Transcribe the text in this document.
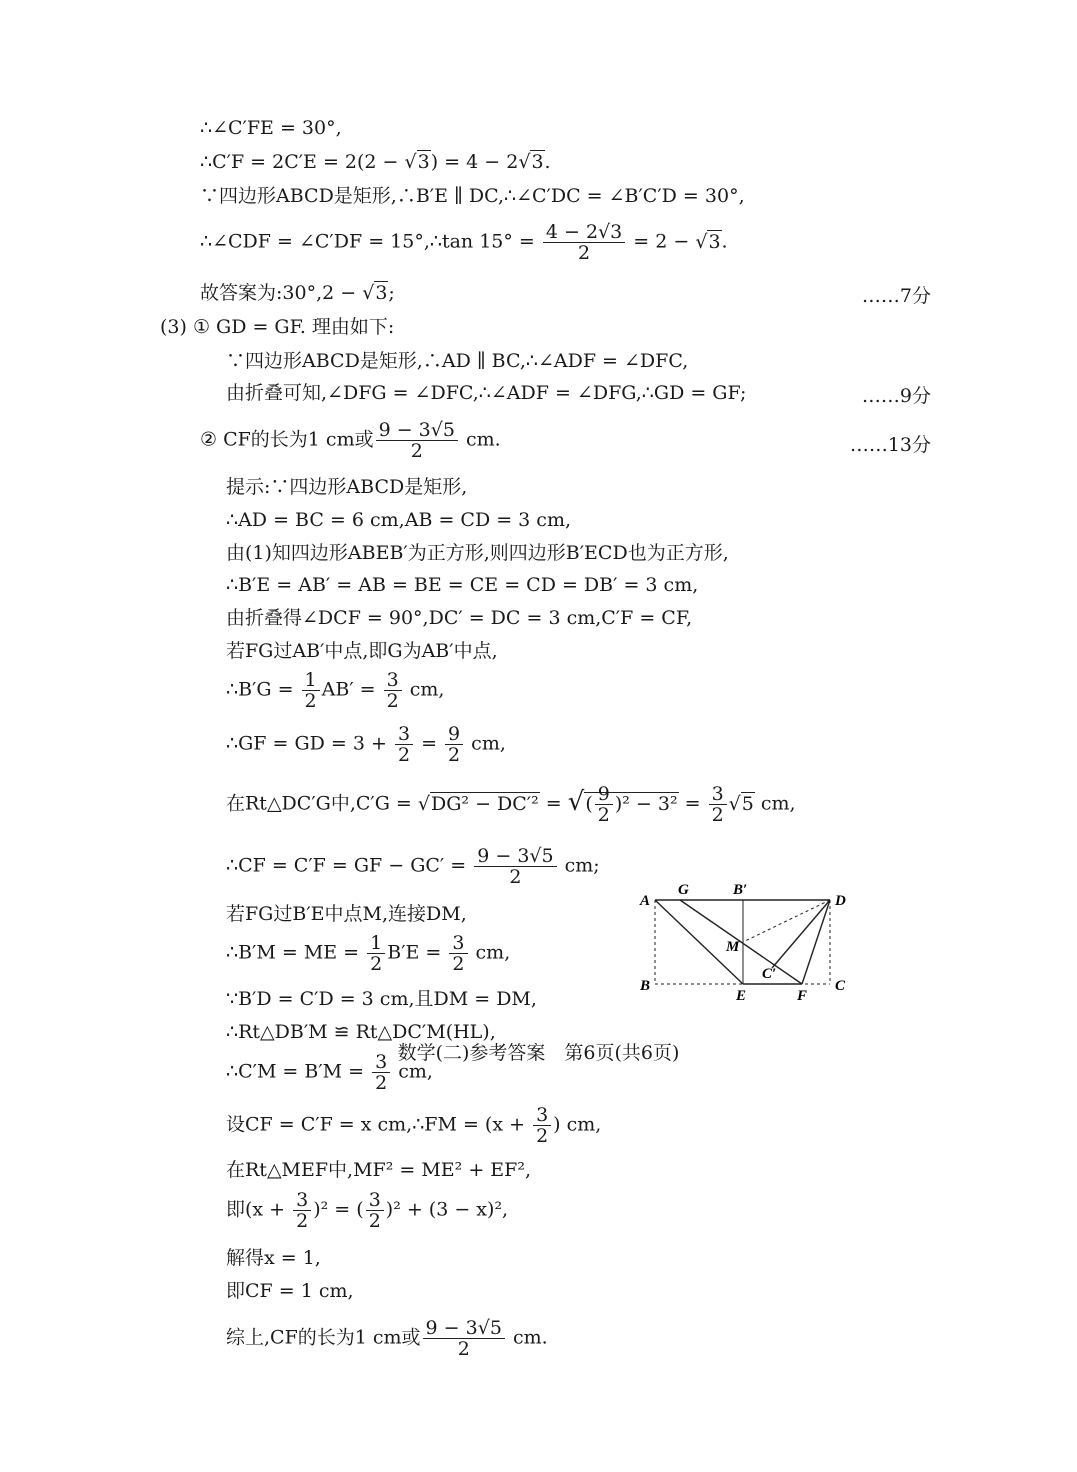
∴∠C′FE = 30°,
∴C′F = 2C′E = 2(2 − √ 3) = 4 − 2 √ 3.
∵四边形ABCD是矩形,∴B′E ∥ DC,∴∠C′DC = ∠B′C′D = 30°,
∴∠CDF = ∠C′DF = 15°,∴tan $15^\circ = \frac{4 - 2√3}{2} = 2$ − √ 3.
故答案为:30°,2 − √ 3;	……7分
(3) ① GD = GF. 理由如下:
∵四边形ABCD是矩形,∴AD ∥ BC,∴∠ADF = ∠DFC,
由折叠可知,∠DFG = ∠DFC,∴∠ADF = ∠DFG,∴GD = GF;	……9分
② CF的长为1 cm或 $\frac{9 - 3√5}{2}$ cm.	……13分
提示:∵四边形ABCD是矩形,
∴AD = BC = 6 cm,AB = CD = 3 cm,
由(1)知四边形ABEB′为正方形,则四边形B′ECD也为正方形,
∴B′E = AB′ = AB = BE = CE = CD = DB′ = 3 cm,
由折叠得∠DCF = 90°,DC′ = DC = 3 cm,C′F = CF,
若FG过AB′中点,即G为AB′中点,
∴B′G = $\frac{1}{2} AB' = \frac{3}{2}$ cm,
∴GF = GD = $3 + \frac{3}{2} = \frac{9}{2}$ cm,
在Rt△DC′G中,C′G = √ DG² − DC′² = √ ( $\frac{9}{2} )^2 - 3^2 = \frac{3}{2}$ √ 5 cm,
∴CF = C′F = GF − $GC' = \frac{9 - 3√5}{2}$ cm;
若FG过B′E中点M,连接DM,
∴B′M = ME = $\frac{1}{2} B'E = \frac{3}{2}$ cm,
∵B′D = C′D = 3 cm,且DM = DM,
∴Rt△DB′M ≌ Rt△DC′M(HL),
∴C′M = $B'M = \frac{3}{2}$ cm,
设CF = C′F = x cm,∴FM = ($x + \frac{3}{2}$ ) cm,
在Rt△MEF中,MF² = ME² + EF²,
即$(x + \frac{3}{2} )^2$ = ( $\frac{3}{2} )^2 + (3 - x)^2$,
解得x = 1,
即CF = 1 cm,
综上,CF的长为1 cm或 $\frac{9 - 3√5}{2}$ cm.
A
G	B′
D
M
C′
B
E	F
C
数学(二)参考答案　第6页(共6页)
